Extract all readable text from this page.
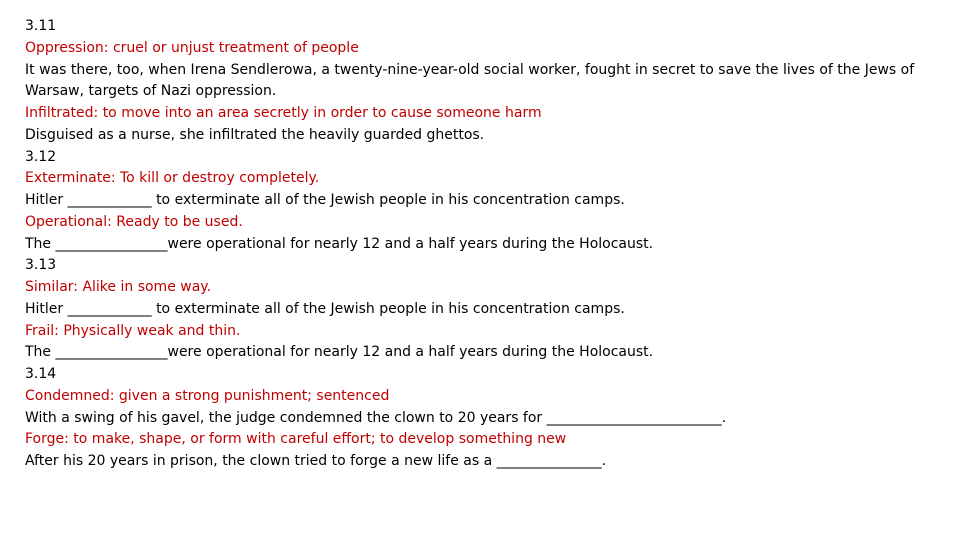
3.11

Oppression: cruel or unjust treatment of people

It was there, too, when Irena Sendlerowa, a twenty-nine-year-old social worker, fought in secret to save the lives of the Jews of Warsaw, targets of Nazi oppression.

Infiltrated: to move into an area secretly in order to cause someone harm

Disguised as a nurse, she infiltrated the heavily guarded ghettos.

3.12

Exterminate: To kill or destroy completely.

Hitler ____________ to exterminate all of the Jewish people in his concentration camps.

Operational: Ready to be used.

The ________________were operational for nearly 12 and a half years during the Holocaust.

3.13

Similar: Alike in some way.

Hitler ____________ to exterminate all of the Jewish people in his concentration camps.

Frail: Physically weak and thin.

The ________________were operational for nearly 12 and a half years during the Holocaust.

3.14

Condemned: given a strong punishment; sentenced

With a swing of his gavel, the judge condemned the clown to 20 years for _________________________.

Forge: to make, shape, or form with careful effort; to develop something new

After his 20 years in prison, the clown tried to forge a new life as a _______________.
